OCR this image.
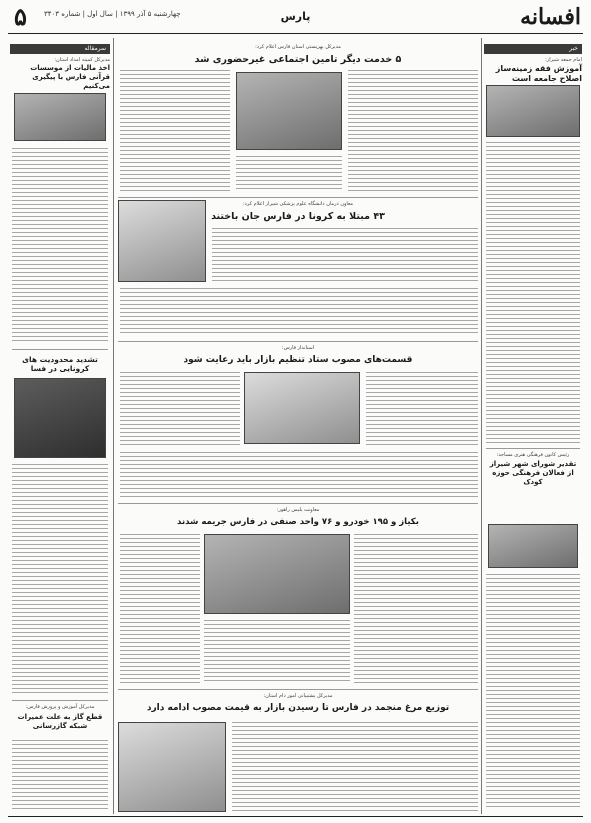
افسانه
پارس
چهارشنبه ۵ آذر ۱۳۹۹ | سال اول | شماره ۳۴۰۳
۵
خبر
امام جمعه شیراز:
آموزش فقه زمینه‌ساز اصلاح جامعه است
رئیس کانون فرهنگی هنری مساجد:
تقدیر شورای شهر شیراز از فعالان فرهنگی حوزه کودک
سرمقاله
مدیرکل کمیته امداد استان:
اخذ مالیات از موسسات قرآنی فارس با پیگیری می‌کنیم
تشدید محدودیت های کرونایی در فسا
مدیرکل آموزش و پرورش فارس:
قطع گاز به علت عمیرات شبکه گازرسانی
مدیرکل بهزیستی استان فارس اعلام کرد:
۵ خدمت دیگر تامین اجتماعی غیرحضوری شد
معاون درمان دانشگاه علوم پزشکی شیراز اعلام کرد:
۴۳ مبتلا به کرونا در فارس جان باختند
استاندار فارس:
قسمت‌های مصوب ستاد تنظیم بازار باید رعایت شود
معاونت پلیس راهور:
بکیاز و ۱۹۵ خودرو و ۷۶ واحد صنفی در فارس جریمه شدند
مدیرکل پشتیبانی امور دام استان:
توزیع مرغ منجمد در فارس تا رسیدن بازار به قیمت مصوب ادامه دارد
